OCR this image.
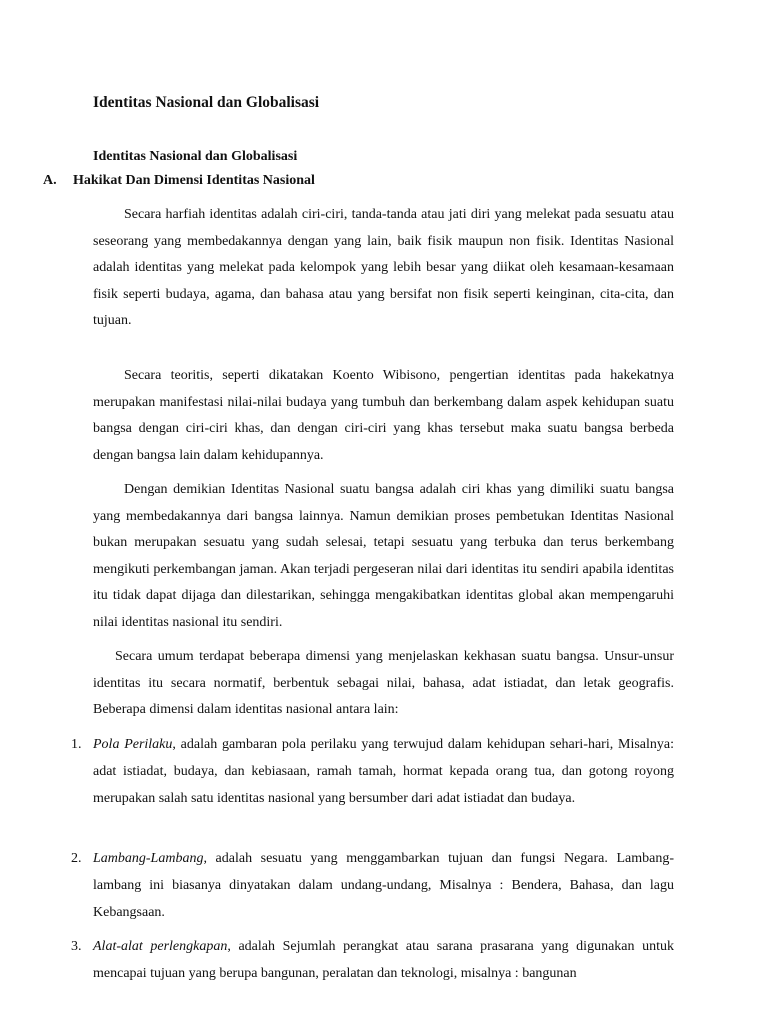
Identitas Nasional dan Globalisasi
Identitas Nasional dan Globalisasi
A. Hakikat Dan Dimensi Identitas Nasional

Secara harfiah identitas adalah ciri-ciri, tanda-tanda atau jati diri yang melekat pada sesuatu atau seseorang yang membedakannya dengan yang lain, baik fisik maupun non fisik. Identitas Nasional adalah identitas yang melekat pada kelompok yang lebih besar yang diikat oleh kesamaan-kesamaan fisik seperti budaya, agama, dan bahasa atau yang bersifat non fisik seperti keinginan, cita-cita, dan tujuan.

Secara teoritis, seperti dikatakan Koento Wibisono, pengertian identitas pada hakekatnya merupakan manifestasi nilai-nilai budaya yang tumbuh dan berkembang dalam aspek kehidupan suatu bangsa dengan ciri-ciri khas, dan dengan ciri-ciri yang khas tersebut maka suatu bangsa berbeda dengan bangsa lain dalam kehidupannya.

Dengan demikian Identitas Nasional suatu bangsa adalah ciri khas yang dimiliki suatu bangsa yang membedakannya dari bangsa lainnya. Namun demikian proses pembetukan Identitas Nasional bukan merupakan sesuatu yang sudah selesai, tetapi sesuatu yang terbuka dan terus berkembang mengikuti perkembangan jaman. Akan terjadi pergeseran nilai dari identitas itu sendiri apabila identitas itu tidak dapat dijaga dan dilestarikan, sehingga mengakibatkan identitas global akan mempengaruhi nilai identitas nasional itu sendiri.

Secara umum terdapat beberapa dimensi yang menjelaskan kekhasan suatu bangsa. Unsur-unsur identitas itu secara normatif, berbentuk sebagai nilai, bahasa, adat istiadat, dan letak geografis. Beberapa dimensi dalam identitas nasional antara lain:

1. Pola Perilaku, adalah gambaran pola perilaku yang terwujud dalam kehidupan sehari-hari, Misalnya: adat istiadat, budaya, dan kebiasaan, ramah tamah, hormat kepada orang tua, dan gotong royong merupakan salah satu identitas nasional yang bersumber dari adat istiadat dan budaya.
2. Lambang-Lambang, adalah sesuatu yang menggambarkan tujuan dan fungsi Negara. Lambang-lambang ini biasanya dinyatakan dalam undang-undang, Misalnya : Bendera, Bahasa, dan lagu Kebangsaan.
3. Alat-alat perlengkapan, adalah Sejumlah perangkat atau sarana prasarana yang digunakan untuk mencapai tujuan yang berupa bangunan, peralatan dan teknologi, misalnya : bangunan
